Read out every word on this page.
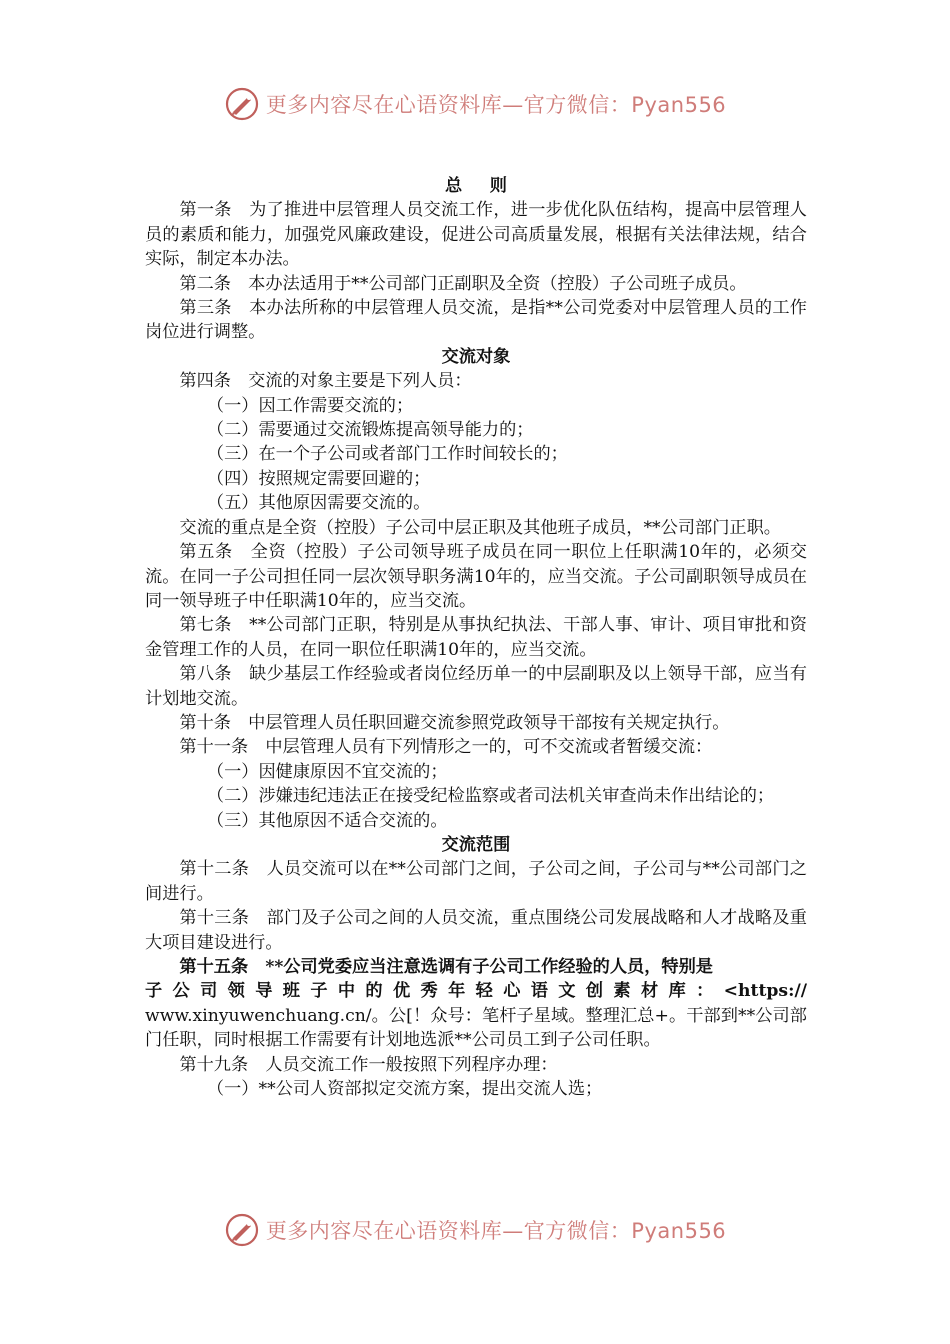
更多内容尽在心语资料库—官方微信：Pyan556
总则

第一条　为了推进中层管理人员交流工作，进一步优化队伍结构，提高中层管理人员的素质和能力，加强党风廉政建设，促进公司高质量发展，根据有关法律法规，结合实际，制定本办法。

第二条　本办法适用于**公司部门正副职及全资（控股）子公司班子成员。

第三条　本办法所称的中层管理人员交流，是指**公司党委对中层管理人员的工作岗位进行调整。

交流对象

第四条　交流的对象主要是下列人员：

（一）因工作需要交流的；

（二）需要通过交流锻炼提高领导能力的；

（三）在一个子公司或者部门工作时间较长的；

（四）按照规定需要回避的；

（五）其他原因需要交流的。

交流的重点是全资（控股）子公司中层正职及其他班子成员，**公司部门正职。

第五条　全资（控股）子公司领导班子成员在同一职位上任职满10年的，必须交流。在同一子公司担任同一层次领导职务满10年的，应当交流。子公司副职领导成员在同一领导班子中任职满10年的，应当交流。

第七条　**公司部门正职，特别是从事执纪执法、干部人事、审计、项目审批和资金管理工作的人员，在同一职位任职满10年的，应当交流。

第八条　缺少基层工作经验或者岗位经历单一的中层副职及以上领导干部，应当有计划地交流。

第十条　中层管理人员任职回避交流参照党政领导干部按有关规定执行。

第十一条　中层管理人员有下列情形之一的，可不交流或者暂缓交流：

（一）因健康原因不宜交流的；

（二）涉嫌违纪违法正在接受纪检监察或者司法机关审查尚未作出结论的；

（三）其他原因不适合交流的。

交流范围

第十二条　人员交流可以在**公司部门之间，子公司之间，子公司与**公司部门之间进行。

第十三条　部门及子公司之间的人员交流，重点围绕公司发展战略和人才战略及重大项目建设进行。

第十五条　**公司党委应当注意选调有子公司工作经验的人员，特别是

子公司领导班子中的优秀年轻心语文创素材库：<https://

www.xinyuwenchuang.cn/。公[！众号：笔杆子星域。整理汇总+。干部到**公司部门任职，同时根据工作需要有计划地选派**公司员工到子公司任职。

第十九条　人员交流工作一般按照下列程序办理：

（一）**公司人资部拟定交流方案，提出交流人选；

更多内容尽在心语资料库—官方微信：Pyan556
